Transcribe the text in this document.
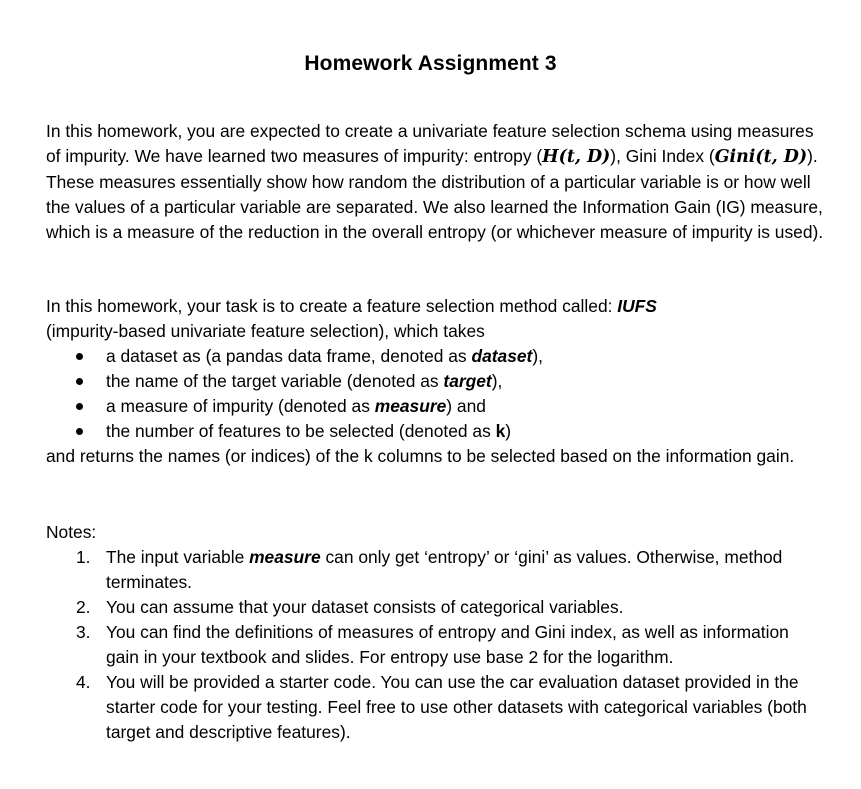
Homework Assignment 3
In this homework, you are expected to create a univariate feature selection schema using measures of impurity. We have learned two measures of impurity: entropy (H(t, D)), Gini Index (Gini(t, D)). These measures essentially show how random the distribution of a particular variable is or how well the values of a particular variable are separated. We also learned the Information Gain (IG) measure, which is a measure of the reduction in the overall entropy (or whichever measure of impurity is used).
In this homework, your task is to create a feature selection method called: IUFS
(impurity-based univariate feature selection), which takes
a dataset as (a pandas data frame, denoted as dataset),
the name of the target variable (denoted as target),
a measure of impurity (denoted as measure) and
the number of features to be selected (denoted as k)
and returns the names (or indices) of the k columns to be selected based on the information gain.
Notes:
1. The input variable measure can only get ‘entropy’ or ‘gini’ as values. Otherwise, method terminates.
2. You can assume that your dataset consists of categorical variables.
3. You can find the definitions of measures of entropy and Gini index, as well as information gain in your textbook and slides. For entropy use base 2 for the logarithm.
4. You will be provided a starter code. You can use the car evaluation dataset provided in the starter code for your testing. Feel free to use other datasets with categorical variables (both target and descriptive features).
